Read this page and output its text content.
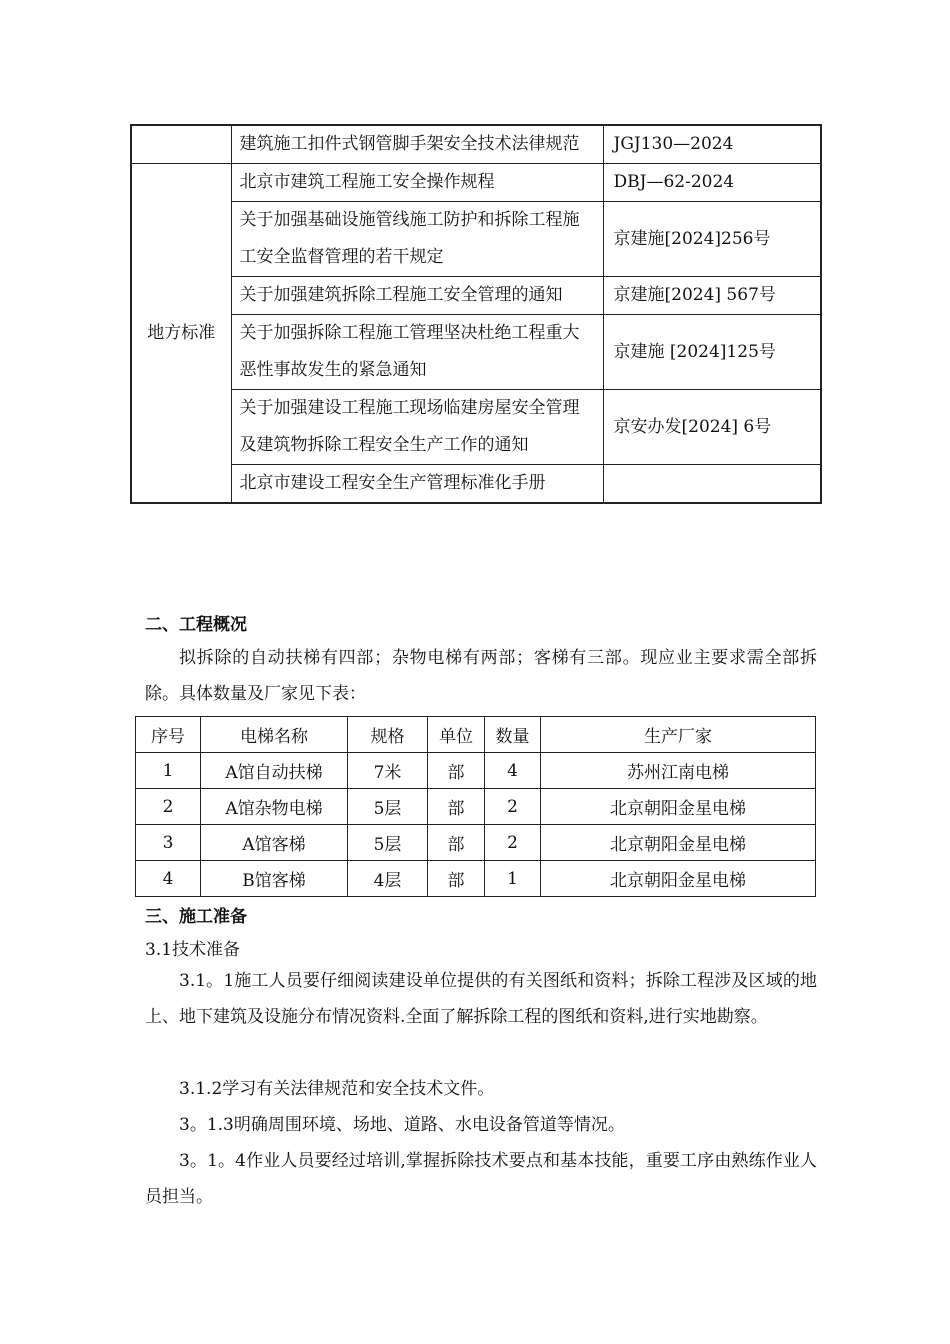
	建筑施工扣件式钢管脚手架安全技术法律规范	JGJ130—2024
地方标准	北京市建筑工程施工安全操作规程	DBJ—62-2024
	关于加强基础设施管线施工防护和拆除工程施工安全监督管理的若干规定	京建施[2024]256号
	关于加强建筑拆除工程施工安全管理的通知	京建施[2024] 567号
	关于加强拆除工程施工管理坚决杜绝工程重大恶性事故发生的紧急通知	京建施 [2024]125号
	关于加强建设工程施工现场临建房屋安全管理及建筑物拆除工程安全生产工作的通知	京安办发[2024] 6号
	北京市建设工程安全生产管理标准化手册	
二、工程概况
拟拆除的自动扶梯有四部；杂物电梯有两部；客梯有三部。现应业主要求需全部拆除。具体数量及厂家见下表：
序号	电梯名称	规格	单位	数量	生产厂家
1	A馆自动扶梯	7米	部	4	苏州江南电梯
2	A馆杂物电梯	5层	部	2	北京朝阳金星电梯
3	A馆客梯	5层	部	2	北京朝阳金星电梯
4	B馆客梯	4层	部	1	北京朝阳金星电梯
三、施工准备
3.1技术准备
3.1。1施工人员要仔细阅读建设单位提供的有关图纸和资料；拆除工程涉及区域的地上、地下建筑及设施分布情况资料.全面了解拆除工程的图纸和资料,进行实地勘察。
3.1.2学习有关法律规范和安全技术文件。
3。1.3明确周围环境、场地、道路、水电设备管道等情况。
3。1。4作业人员要经过培训,掌握拆除技术要点和基本技能，重要工序由熟练作业人员担当。
